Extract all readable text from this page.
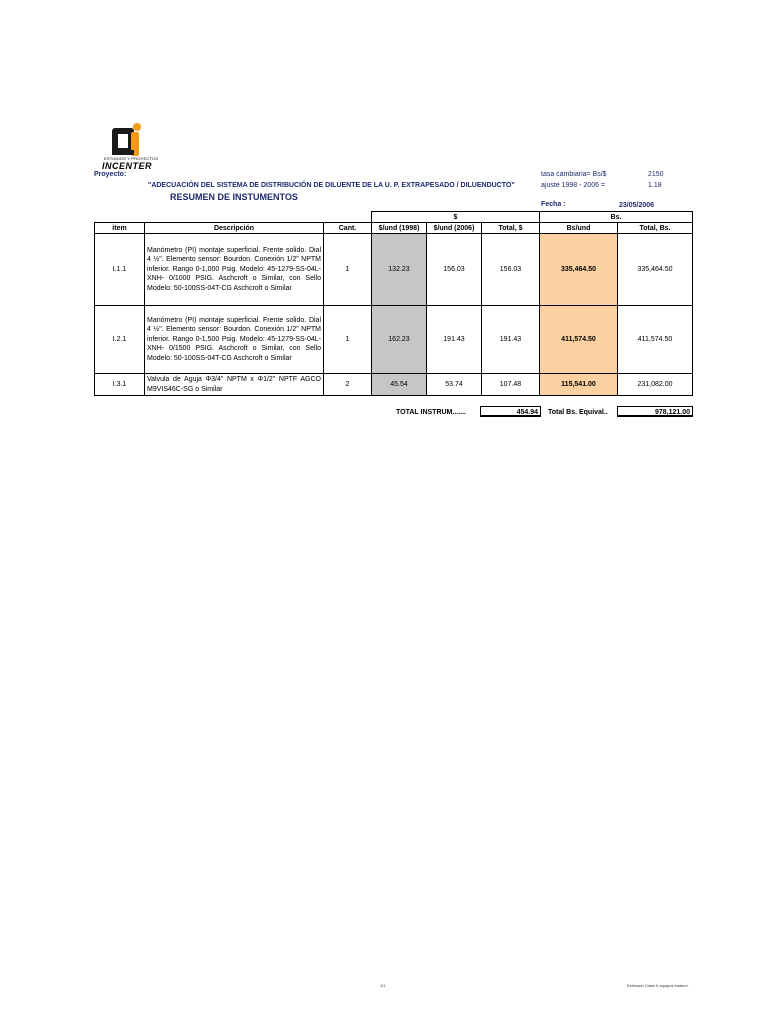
ESTUDIOS Y PROYECTOS
INCENTER
Proyecto:
"ADECUACIÓN DEL SISTEMA DE DISTRIBUCIÓN DE DILUENTE DE LA U. P. EXTRAPESADO / DILUENDUCTO"
RESUMEN DE INSTUMENTOS
tasa cambiaria= Bs/$	2150
ajuste 1998 - 2006 =	1.18
Fecha :	23/05/2006
			$			Bs.	
item	Descripción	Cant.	$/und (1998)	$/und (2006)	Total, $	Bs/und	Total, Bs.
I.1.1	Manómetro (PI) montaje superficial. Frente solido. Dial 4 ½". Elemento sensor: Bourdon. Conexión 1/2" NPTM inferior. Rango 0-1,000 Psig. Modelo: 45-1279-SS-04L-XNH- 0/1000 PSIG. Aschcroft o Similar, con Sello Modelo: 50-100SS-04T-CG Aschcroft o Similar	1	132.23	156.03	156.03	335,464.50	335,464.50
I.2.1	Manómetro (PI) montaje superficial. Frente solido. Dial 4 ½". Elemento sensor: Bourdon. Conexión 1/2" NPTM inferior. Rango 0-1,500 Psig. Modelo: 45-1279-SS-04L-XNH- 0/1500 PSIG. Aschcroft o Similar, con Sello Modelo: 50-100SS-04T-CG Aschcroft o Similar	1	162.23	191.43	191.43	411,574.50	411,574.50
I.3.1	Valvula de Aguja Φ3/4" NPTM x Φ1/2" NPTF AGCO M9VIS46C-SG o Similar	2	45.54	53.74	107.48	115,541.00	231,082.00
TOTAL INSTRUM.......	454.94	Total Bs. Equival..	978,121.00
1/1	Estimado Clase II,equipos instrum.
